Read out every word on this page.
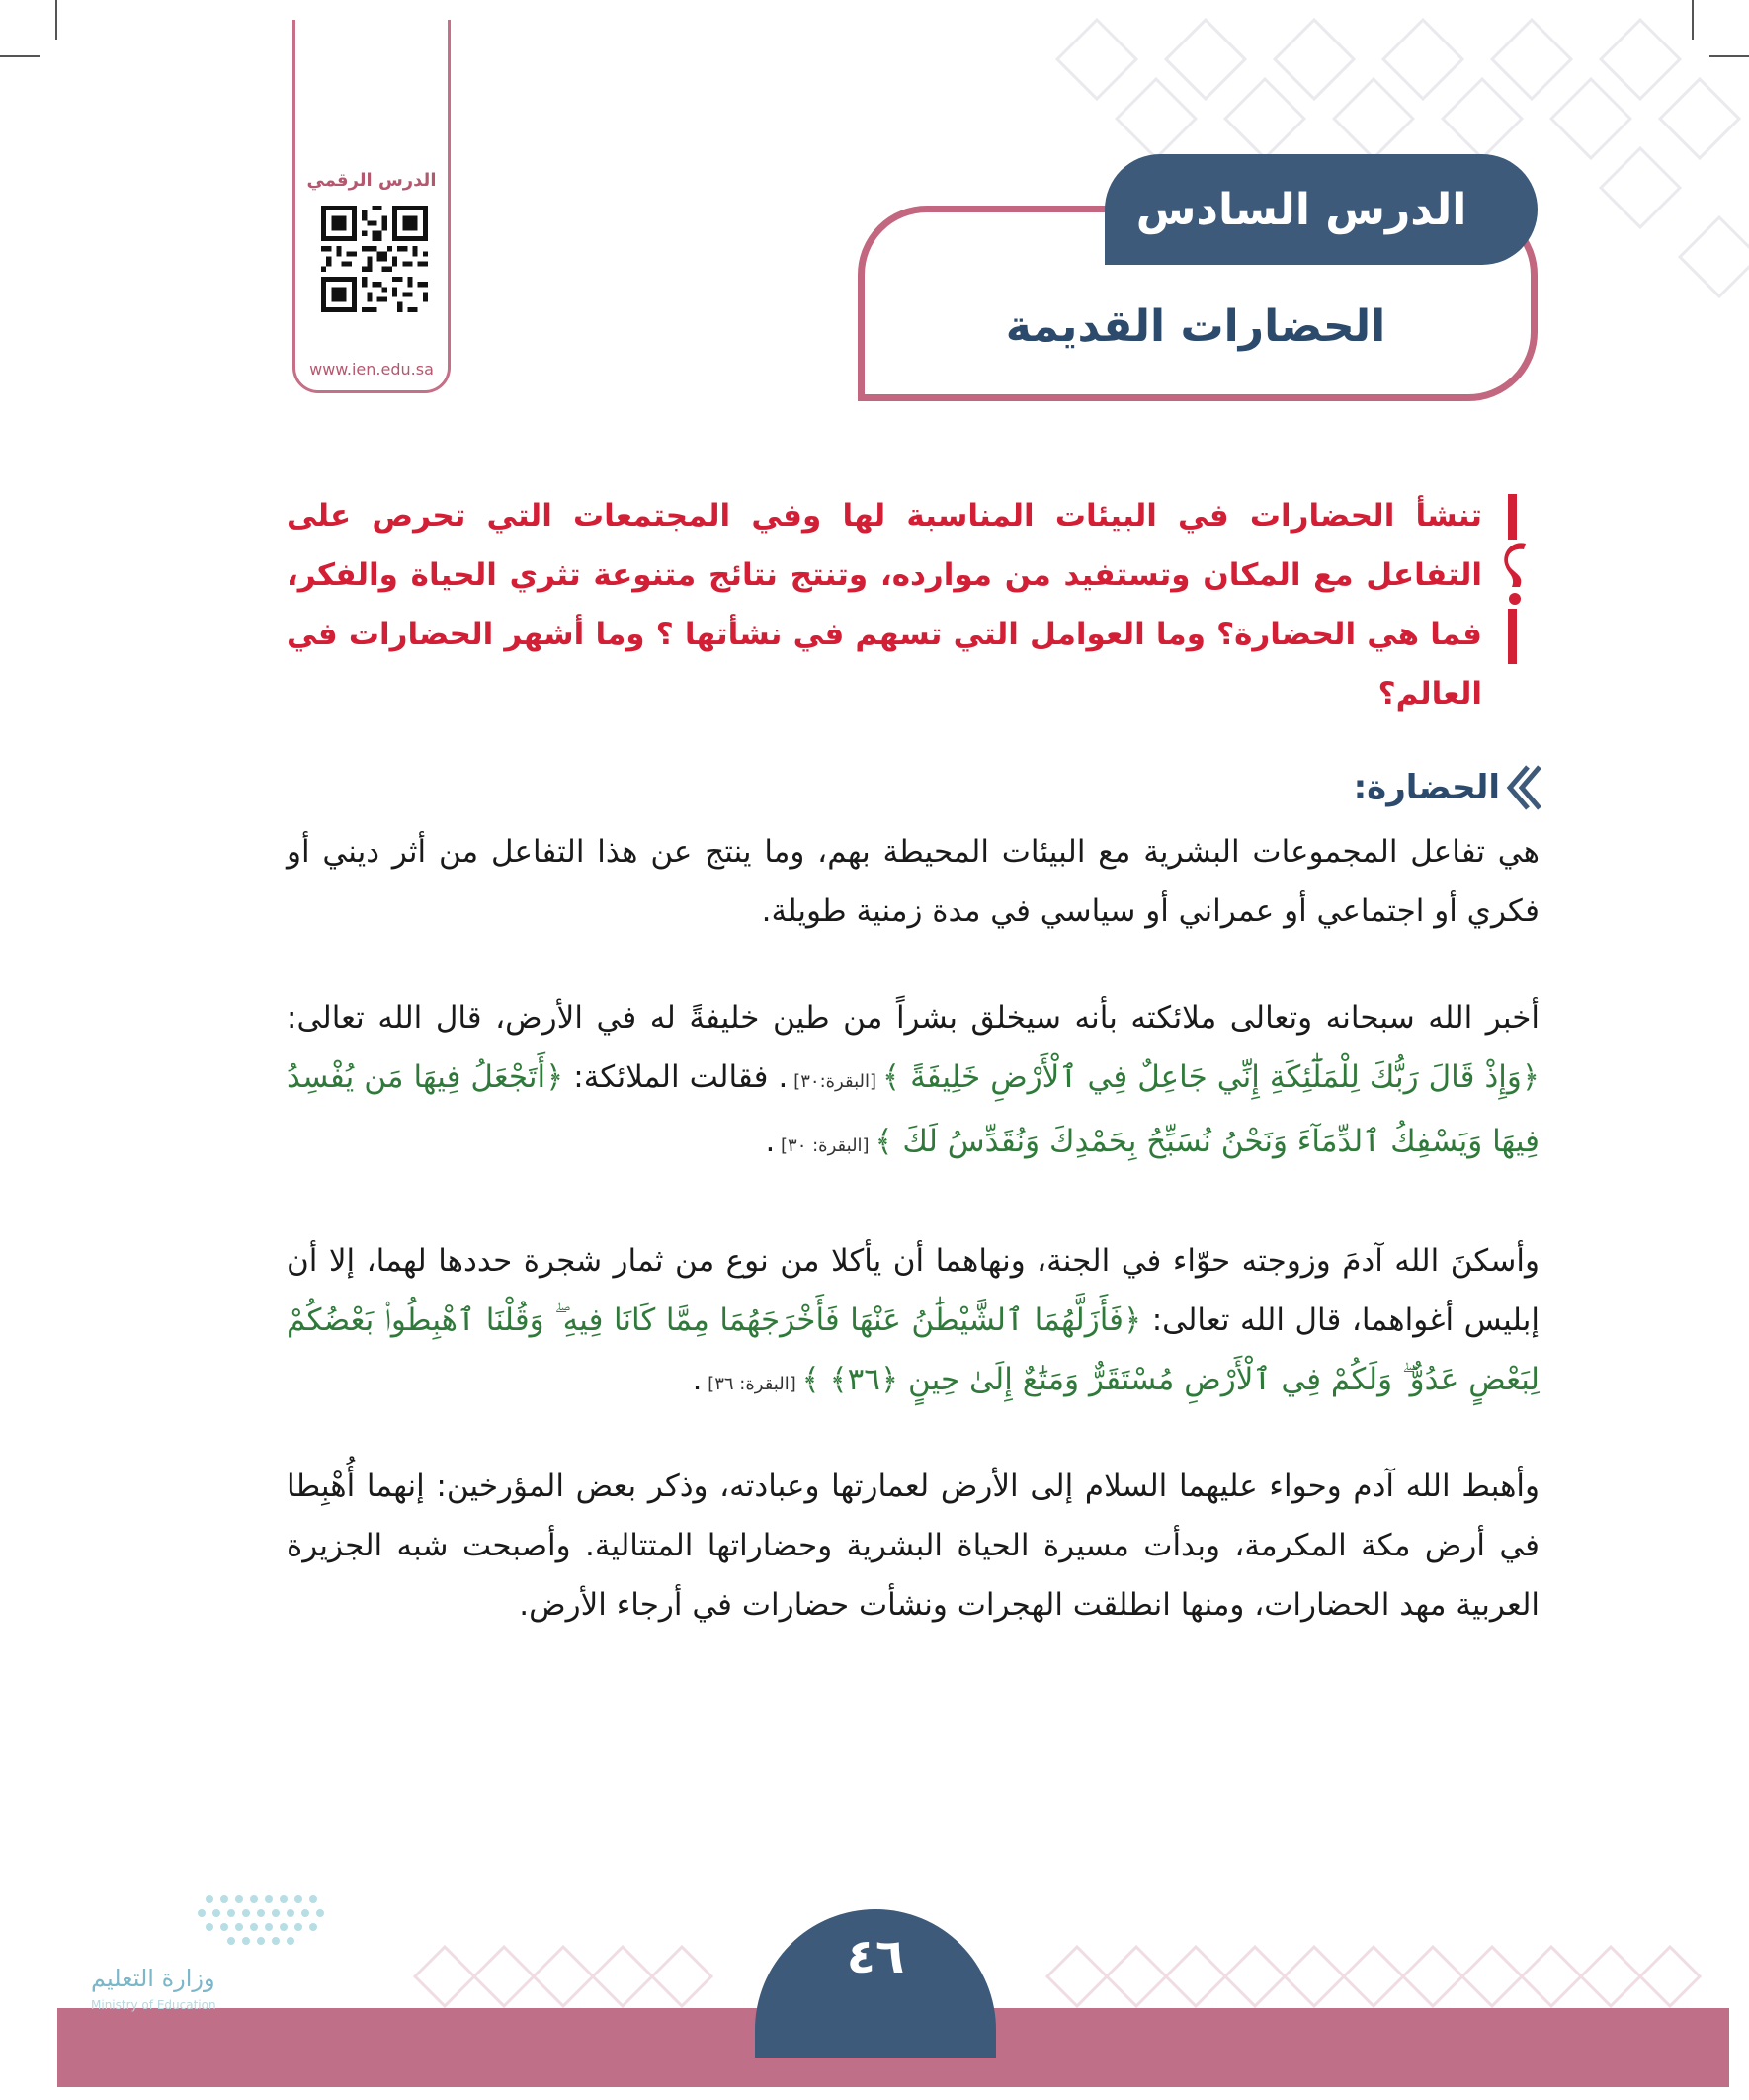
الدرس الرقمي
www.ien.edu.sa
الدرس السادس
الحضارات القديمة
تنشأ الحضارات في البيئات المناسبة لها وفي المجتمعات التي تحرص على التفاعل مع المكان وتستفيد من موارده، وتنتج نتائج متنوعة تثري الحياة والفكر، فما هي الحضارة؟ وما العوامل التي تسهم في نشأتها ؟ وما أشهر الحضارات في العالم؟
الحضارة:
هي تفاعل المجموعات البشرية مع البيئات المحيطة بهم، وما ينتج عن هذا التفاعل من أثر ديني أو فكري أو اجتماعي أو عمراني أو سياسي في مدة زمنية طويلة.
أخبر الله سبحانه وتعالى ملائكته بأنه سيخلق بشراً من طين خليفةً له في الأرض، قال الله تعالى: ﴿وَإِذْ قَالَ رَبُّكَ لِلْمَلَٰٓئِكَةِ إِنِّي جَاعِلٌ فِي ٱلْأَرْضِ خَلِيفَةً ﴾ [البقرة:٣٠] . فقالت الملائكة: ﴿أَتَجْعَلُ فِيهَا مَن يُفْسِدُ فِيهَا وَيَسْفِكُ ٱلدِّمَآءَ وَنَحْنُ نُسَبِّحُ بِحَمْدِكَ وَنُقَدِّسُ لَكَ ﴾ [البقرة: ٣٠] .
وأسكنَ الله آدمَ وزوجته حوّاء في الجنة، ونهاهما أن يأكلا من نوع من ثمار شجرة حددها لهما، إلا أن إبليس أغواهما، قال الله تعالى: ﴿فَأَزَلَّهُمَا ٱلشَّيْطَٰنُ عَنْهَا فَأَخْرَجَهُمَا مِمَّا كَانَا فِيهِ ۖ وَقُلْنَا ٱهْبِطُوا۟ بَعْضُكُمْ لِبَعْضٍ عَدُوٌّ ۖ وَلَكُمْ فِي ٱلْأَرْضِ مُسْتَقَرٌّ وَمَتَٰعٌ إِلَىٰ حِينٍ ﴿٣٦﴾ ﴾ [البقرة: ٣٦] .
وأهبط الله آدم وحواء عليهما السلام إلى الأرض لعمارتها وعبادته، وذكر بعض المؤرخين: إنهما أُهْبِطا في أرض مكة المكرمة، وبدأت مسيرة الحياة البشرية وحضاراتها المتتالية. وأصبحت شبه الجزيرة العربية مهد الحضارات، ومنها انطلقت الهجرات ونشأت حضارات في أرجاء الأرض.
٤٦
وزارة التعليم
Ministry of Education
